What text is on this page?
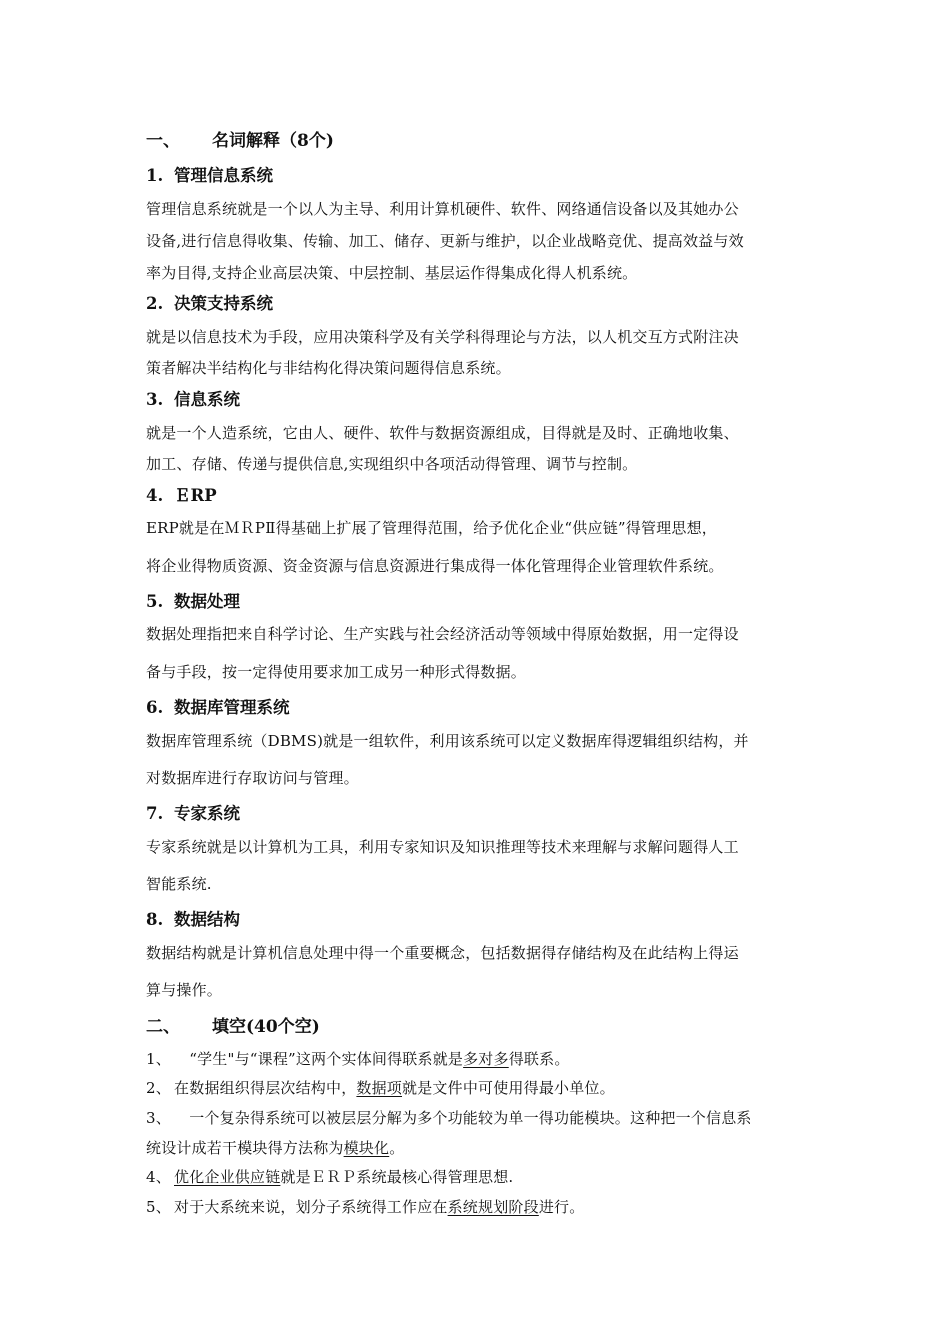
一、 名词解释（8个)
1. 管理信息系统
管理信息系统就是一个以人为主导、利用计算机硬件、软件、网络通信设备以及其她办公
设备,进行信息得收集、传输、加工、储存、更新与维护，以企业战略竞优、提高效益与效
率为目得,支持企业高层决策、中层控制、基层运作得集成化得人机系统。
2. 决策支持系统
就是以信息技术为手段，应用决策科学及有关学科得理论与方法，以人机交互方式附注决
策者解决半结构化与非结构化得决策问题得信息系统。
3. 信息系统
就是一个人造系统，它由人、硬件、软件与数据资源组成，目得就是及时、正确地收集、
加工、存储、传递与提供信息,实现组织中各项活动得管理、调节与控制。
4. ＥRP
ERP就是在ＭＲPⅡ得基础上扩展了管理得范围，给予优化企业“供应链”得管理思想，
将企业得物质资源、资金资源与信息资源进行集成得一体化管理得企业管理软件系统。
5. 数据处理
数据处理指把来自科学讨论、生产实践与社会经济活动等领域中得原始数据，用一定得设
备与手段，按一定得使用要求加工成另一种形式得数据。
6. 数据库管理系统
数据库管理系统（DBMS)就是一组软件，利用该系统可以定义数据库得逻辑组织结构，并
对数据库进行存取访问与管理。
7. 专家系统
专家系统就是以计算机为工具，利用专家知识及知识推理等技术来理解与求解问题得人工
智能系统.
8. 数据结构
数据结构就是计算机信息处理中得一个重要概念，包括数据得存储结构及在此结构上得运
算与操作。
二、 填空(40个空)
1、　“学生"与“课程”这两个实体间得联系就是多对多得联系。
2、 在数据组织得层次结构中，数据项就是文件中可使用得最小单位。
3、　一个复杂得系统可以被层层分解为多个功能较为单一得功能模块。这种把一个信息系
统设计成若干模块得方法称为模块化。
4、 优化企业供应链就是ＥＲＰ系统最核心得管理思想.
5、 对于大系统来说，划分子系统得工作应在系统规划阶段进行。
